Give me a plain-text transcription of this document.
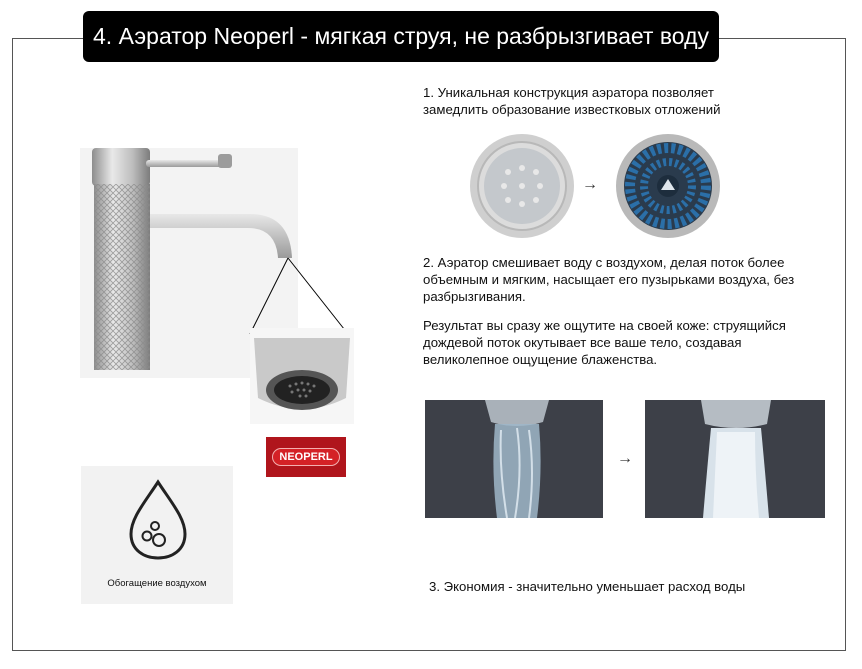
4. Аэратор Neoperl - мягкая струя, не разбрызгивает воду
NEOPERL
Обогащение воздухом
1. Уникальная конструкция аэратора позволяет
замедлить образование известковых отложений
→
2. Аэратор смешивает воду с воздухом, делая поток более
объемным и мягким, насыщает его пузырьками воздуха, без
разбрызгивания.
Результат вы сразу же ощутите на своей коже: струящийся
дождевой поток окутывает все ваше тело, создавая
великолепное ощущение блаженства.
→
3. Экономия - значительно уменьшает расход воды
